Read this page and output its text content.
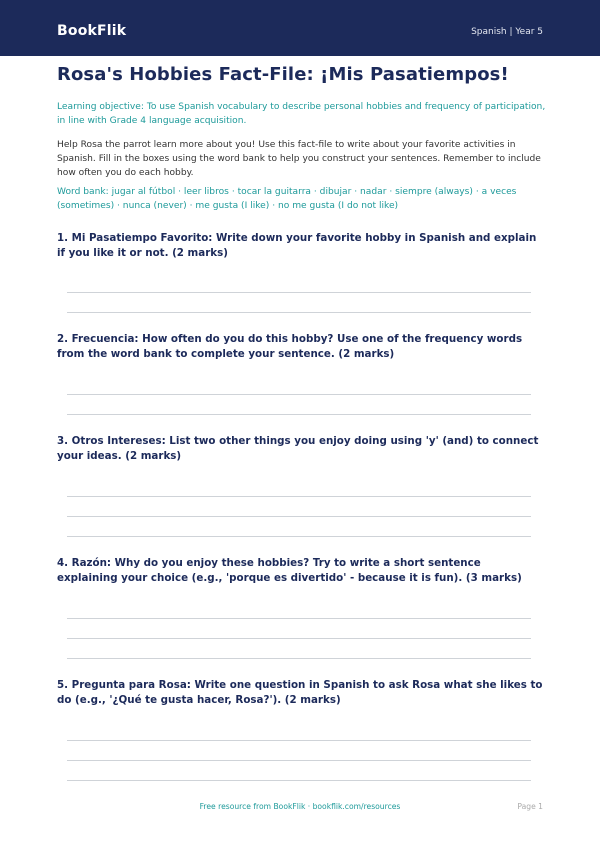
BookFlik	Spanish | Year 5
Rosa's Hobbies Fact-File: ¡Mis Pasatiempos!
Learning objective: To use Spanish vocabulary to describe personal hobbies and frequency of participation, in line with Grade 4 language acquisition.
Help Rosa the parrot learn more about you! Use this fact-file to write about your favorite activities in Spanish. Fill in the boxes using the word bank to help you construct your sentences. Remember to include how often you do each hobby.
Word bank: jugar al fútbol · leer libros · tocar la guitarra · dibujar · nadar · siempre (always) · a veces (sometimes) · nunca (never) · me gusta (I like) · no me gusta (I do not like)
1. Mi Pasatiempo Favorito: Write down your favorite hobby in Spanish and explain if you like it or not. (2 marks)
2. Frecuencia: How often do you do this hobby? Use one of the frequency words from the word bank to complete your sentence. (2 marks)
3. Otros Intereses: List two other things you enjoy doing using 'y' (and) to connect your ideas. (2 marks)
4. Razón: Why do you enjoy these hobbies? Try to write a short sentence explaining your choice (e.g., 'porque es divertido' - because it is fun). (3 marks)
5. Pregunta para Rosa: Write one question in Spanish to ask Rosa what she likes to do (e.g., '¿Qué te gusta hacer, Rosa?'). (2 marks)
Free resource from BookFlik · bookflik.com/resources	Page 1
